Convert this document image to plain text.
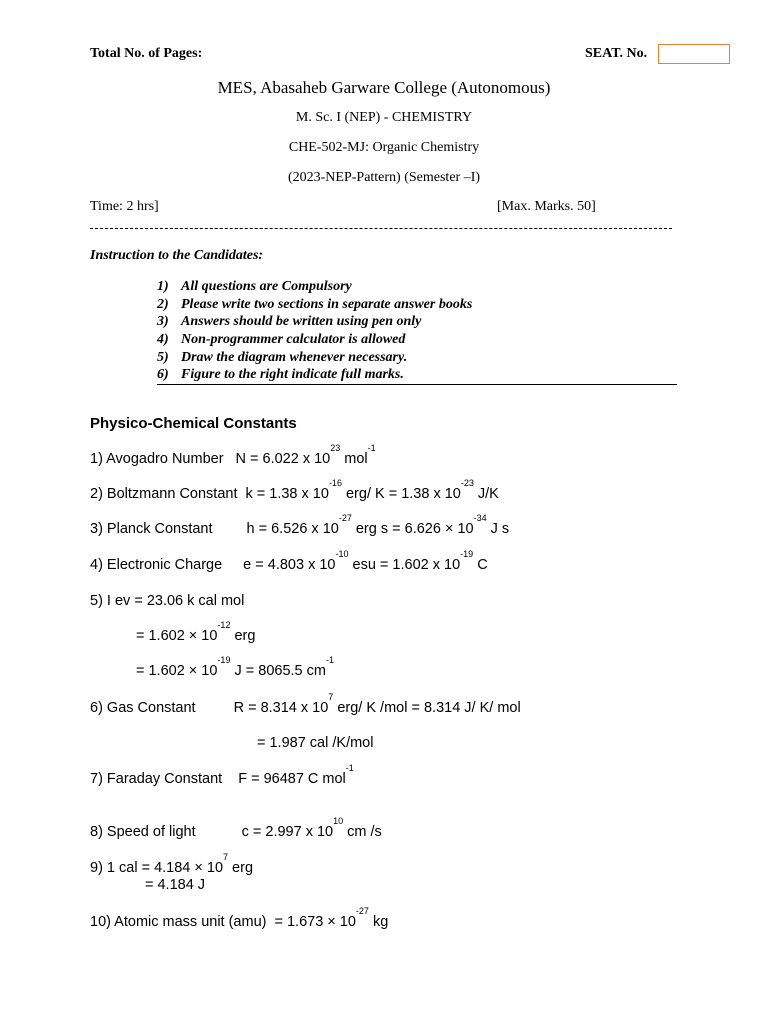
Total No. of Pages:	SEAT. No.
MES, Abasaheb Garware College (Autonomous)
M. Sc. I (NEP) - CHEMISTRY
CHE-502-MJ: Organic Chemistry
(2023-NEP-Pattern) (Semester –I)
Time: 2 hrs]	[Max. Marks. 50]
Instruction to the Candidates:
1) All questions are Compulsory
2) Please write two sections in separate answer books
3) Answers should be written using pen only
4) Non-programmer calculator is allowed
5) Draw the diagram whenever necessary.
6) Figure to the right indicate full marks.
Physico-Chemical Constants
1) Avogadro Number N = 6.022 x $10^{23}$ mol$^{-1}$
2) Boltzmann Constant k = 1.38 x $10^{-16}$ erg/ K = 1.38 x $10^{-23}$ J/K
3) Planck Constant h = 6.526 x $10^{-27}$ erg $s = 6.626 \times 10^{-34}$ J s
4) Electronic Charge e = 4.803 x $10^{-10}$ esu = 1.602 x $10^{-19}$ C
5) I ev = 23.06 k cal mol
= $1.602 \times 10^{-12}$ erg
= $1.602 \times 10^{-19}$ J = 8065.5 $cm^{-1}$
6) Gas Constant	R = 8.314 x $10^7$ erg/ K /mol = 8.314 J/ K/ mol
= 1.987 cal /K/mol
7) Faraday Constant F = 96487 C mol$^{-1}$
8) Speed of light	c = 2.997 x $10^{10}$ cm /s
9) 1 cal = $4.184 \times 10^7$ erg
= 4.184 J
10) Atomic mass unit $(amu) = 1.673 \times 10^{-27}$ kg
